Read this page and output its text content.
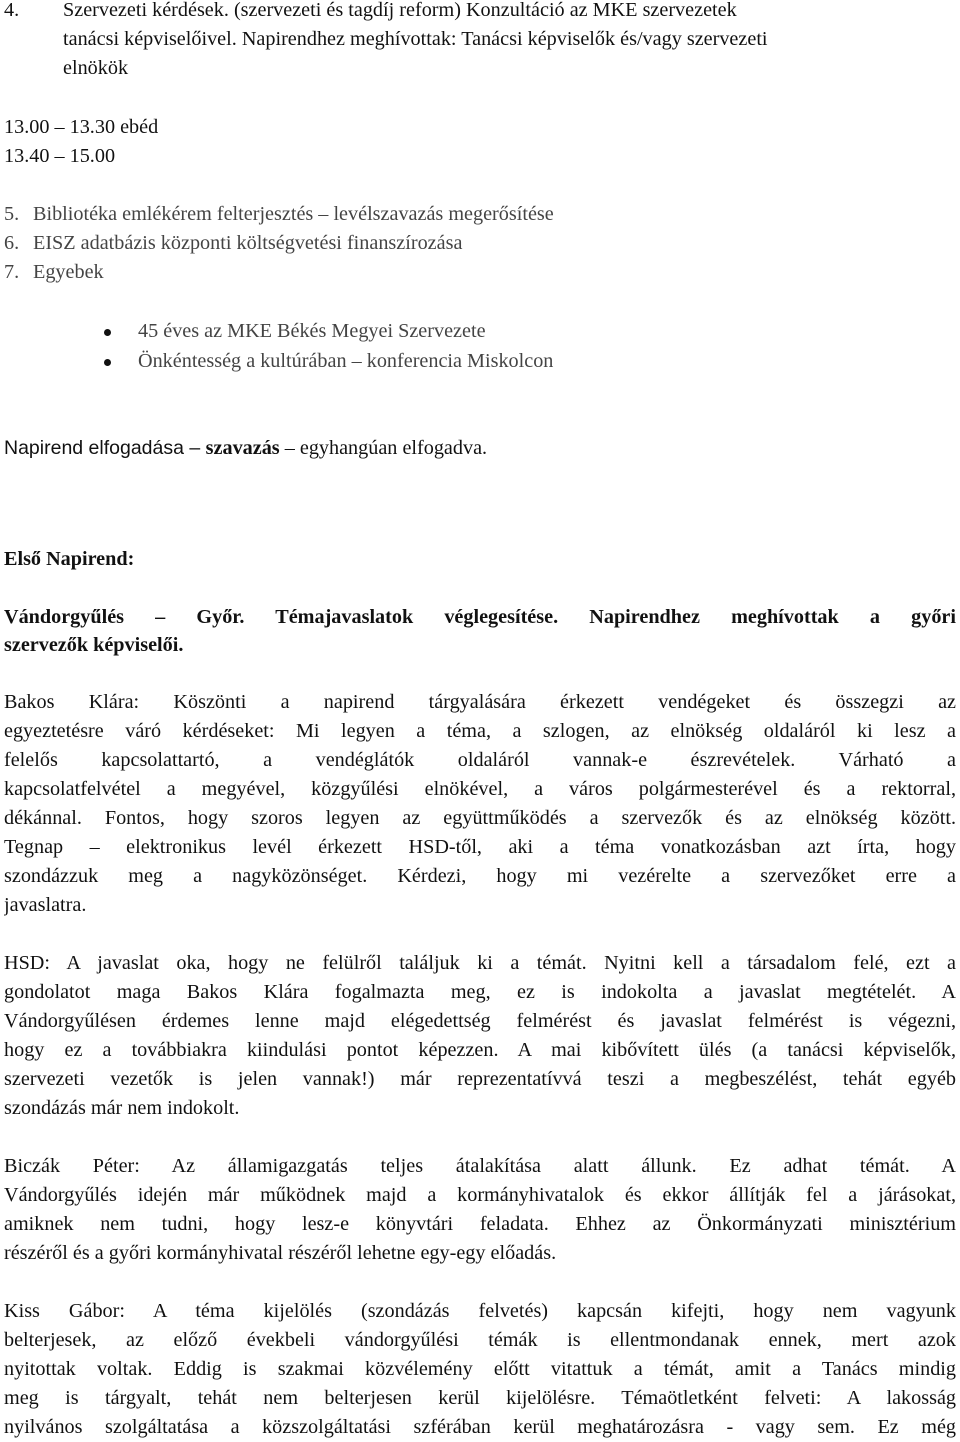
4. Szervezeti kérdések. (szervezeti és tagdíj reform) Konzultáció az MKE szervezetek
tanácsi képviselőivel. Napirendhez meghívottak: Tanácsi képviselők és/vagy szervezeti
elnökök
13.00 – 13.30 ebéd
13.40 – 15.00
5. Bibliotéka emlékérem felterjesztés – levélszavazás megerősítése
6. EISZ adatbázis központi költségvetési finanszírozása
7. Egyebek
45 éves az MKE Békés Megyei Szervezete
Önkéntesség a kultúrában – konferencia Miskolcon
Napirend elfogadása – szavazás – egyhangúan elfogadva.
Első Napirend:
Vándorgyűlés – Győr. Témajavaslatok véglegesítése. Napirendhez meghívottak a győri
szervezők képviselői.
Bakos Klára: Köszönti a napirend tárgyalására érkezett vendégeket és összegzi az
egyeztetésre váró kérdéseket: Mi legyen a téma, a szlogen, az elnökség oldaláról ki lesz a
felelős kapcsolattartó, a vendéglátók oldaláról vannak-e észrevételek. Várható a
kapcsolatfelvétel a megyével, közgyűlési elnökével, a város polgármesterével és a rektorral,
dékánnal. Fontos, hogy szoros legyen az együttműködés a szervezők és az elnökség között.
Tegnap – elektronikus levél érkezett HSD-től, aki a téma vonatkozásban azt írta, hogy
szondázzuk meg a nagyközönséget. Kérdezi, hogy mi vezérelte a szervezőket erre a
javaslatra.
HSD: A javaslat oka, hogy ne felülről találjuk ki a témát. Nyitni kell a társadalom felé, ezt a
gondolatot maga Bakos Klára fogalmazta meg, ez is indokolta a javaslat megtételét. A
Vándorgyűlésen érdemes lenne majd elégedettség felmérést és javaslat felmérést is végezni,
hogy ez a továbbiakra kiindulási pontot képezzen. A mai kibővített ülés (a tanácsi képviselők,
szervezeti vezetők is jelen vannak!) már reprezentatívvá teszi a megbeszélést, tehát egyéb
szondázás már nem indokolt.
Biczák Péter: Az államigazgatás teljes átalakítása alatt állunk. Ez adhat témát. A
Vándorgyűlés idején már működnek majd a kormányhivatalok és ekkor állítják fel a járásokat,
amiknek nem tudni, hogy lesz-e könyvtári feladata. Ehhez az Önkormányzati minisztérium
részéről és a győri kormányhivatal részéről lehetne egy-egy előadás.
Kiss Gábor: A téma kijelölés (szondázás felvetés) kapcsán kifejti, hogy nem vagyunk
belterjesek, az előző évekbeli vándorgyűlési témák is ellentmondanak ennek, mert azok
nyitottak voltak. Eddig is szakmai közvélemény előtt vitattuk a témát, amit a Tanács mindig
meg is tárgyalt, tehát nem belterjesen kerül kijelölésre. Témaötletként felveti: A lakosság
nyilvános szolgáltatása a közszolgáltatási szférában kerül meghatározásra - vagy sem. Ez még
